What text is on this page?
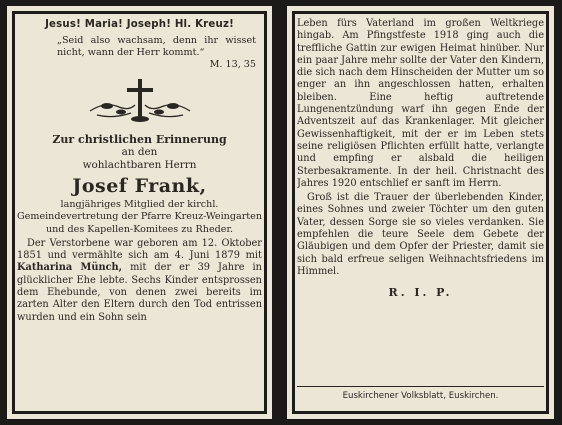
Jesus! Maria! Joseph! Hl. Kreuz!
„Seid also wachsam, denn ihr wisset nicht, wann der Herr kommt.“
M. 13, 35
Zur christlichen Erinnerung
an den
wohlachtbaren Herrn
Josef Frank,
langjähriges Mitglied der kirchl. Gemeindevertretung der Pfarre Kreuz-Weingarten und des Kapellen-Komitees zu Rheder.
Der Verstorbene war geboren am 12. Oktober 1851 und vermählte sich am 4. Juni 1879 mit Katharina Münch, mit der er 39 Jahre in glücklicher Ehe lebte. Sechs Kinder entsprossen dem Ehebunde, von denen zwei bereits im zarten Alter den Eltern durch den Tod entrissen wurden und ein Sohn sein
Leben fürs Vaterland im großen Weltkriege hingab. Am Pfingstfeste 1918 ging auch die treffliche Gattin zur ewigen Heimat hinüber. Nur ein paar Jahre mehr sollte der Vater den Kindern, die sich nach dem Hinscheiden der Mutter um so enger an ihn angeschlossen hatten, erhalten bleiben. Eine heftig auftretende Lungenentzündung warf ihn gegen Ende der Adventszeit auf das Krankenlager. Mit gleicher Gewissenhaftigkeit, mit der er im Leben stets seine religiösen Pflichten erfüllt hatte, verlangte und empfing er alsbald die heiligen Sterbesakramente. In der heil. Christnacht des Jahres 1920 entschlief er sanft im Herrn.
Groß ist die Trauer der überlebenden Kinder, eines Sohnes und zweier Töchter um den guten Vater, dessen Sorge sie so vieles verdanken. Sie empfehlen die teure Seele dem Gebete der Gläubigen und dem Opfer der Priester, damit sie sich bald erfreue seligen Weihnachtsfriedens im Himmel.
R. I. P.
Euskirchener Volksblatt, Euskirchen.
